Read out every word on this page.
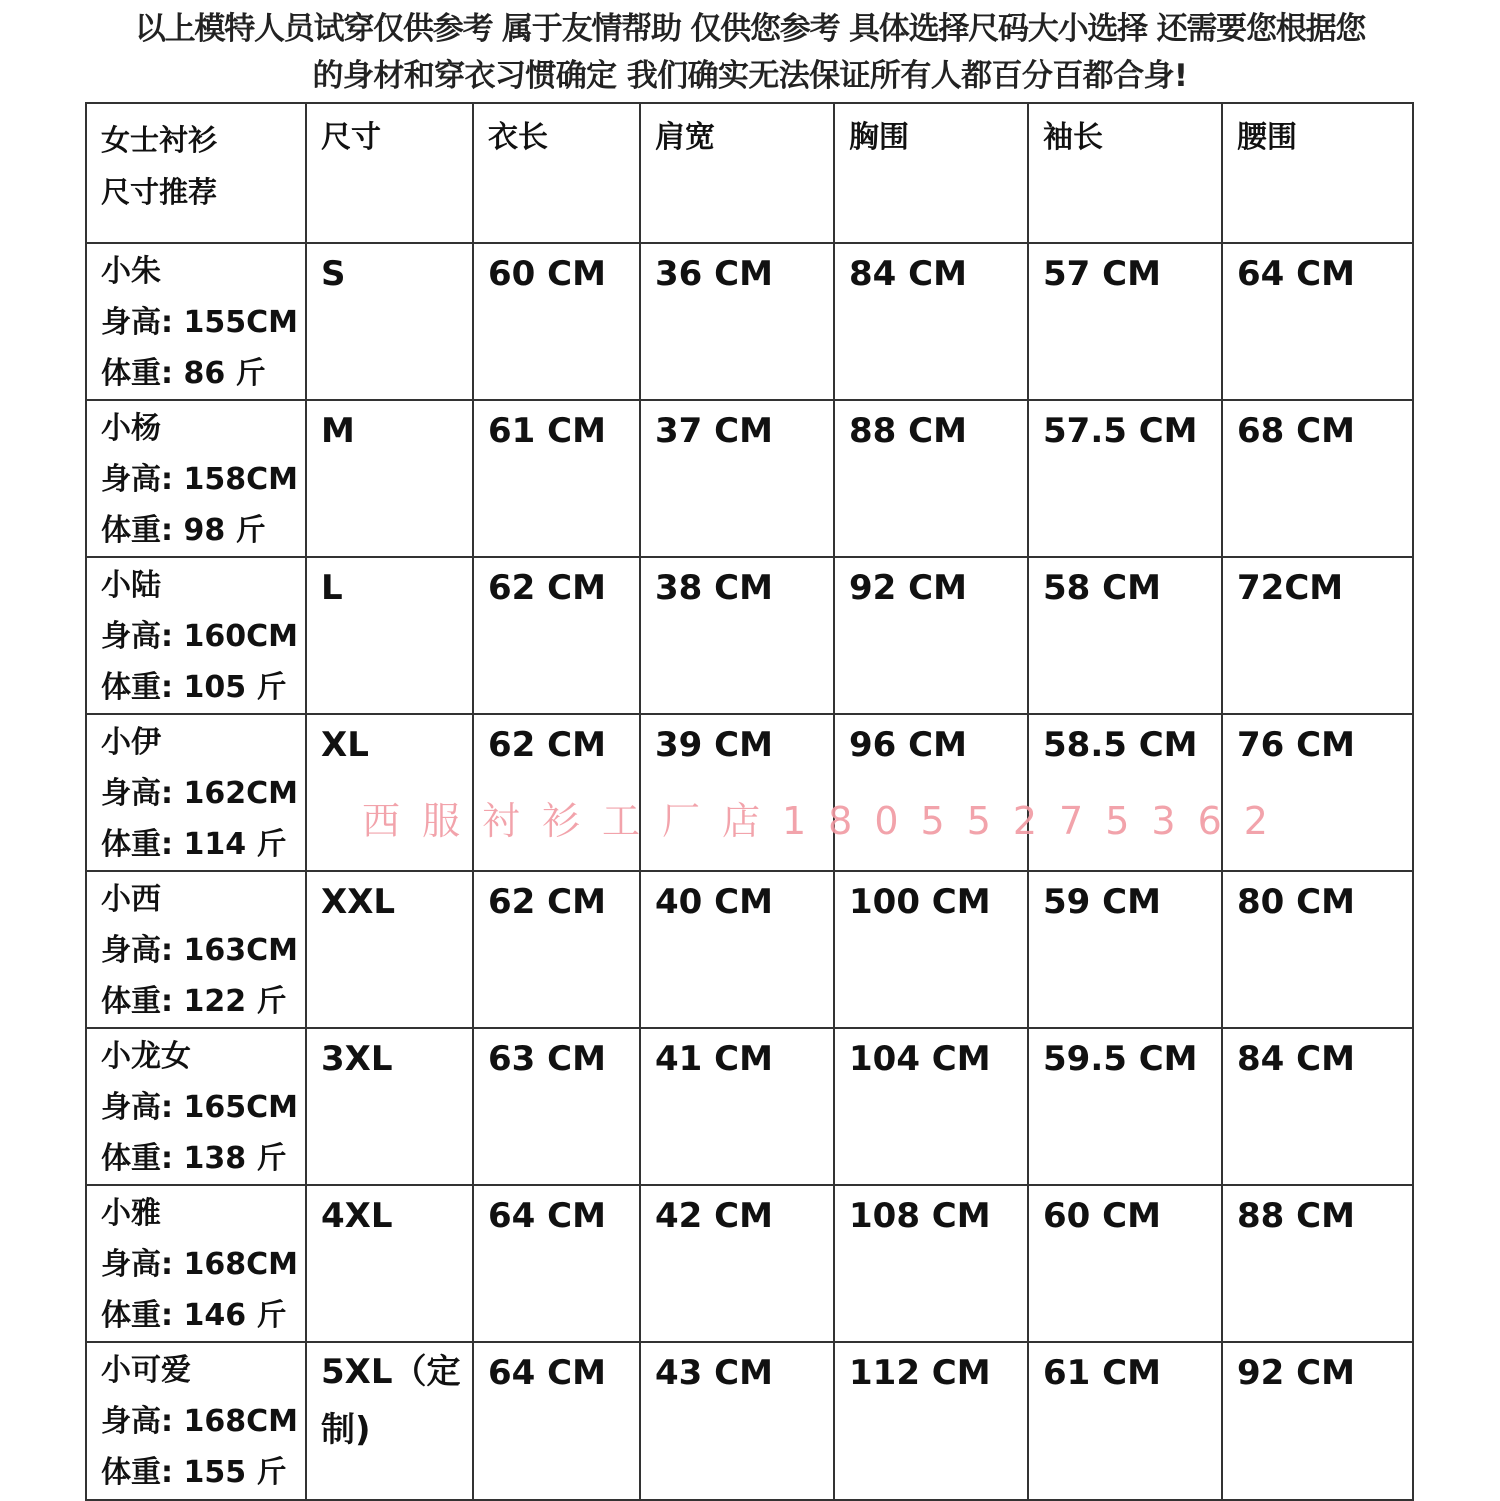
以上模特人员试穿仅供参考 属于友情帮助 仅供您参考 具体选择尺码大小选择 还需要您根据您
的身材和穿衣习惯确定 我们确实无法保证所有人都百分百都合身!
女士衬衫
尺寸推荐	尺寸	衣长	肩宽	胸围	袖长	腰围

小朱
身高: 155CM
体重: 86 斤	S	60 CM	36 CM	84 CM	57 CM	64 CM

小杨
身高: 158CM
体重: 98 斤	M	61 CM	37 CM	88 CM	57.5 CM	68 CM

小陆
身高: 160CM
体重: 105 斤	L	62 CM	38 CM	92 CM	58 CM	72CM

小伊
身高: 162CM
体重: 114 斤	XL	62 CM	39 CM	96 CM	58.5 CM	76 CM

小西
身高: 163CM
体重: 122 斤	XXL	62 CM	40 CM	100 CM	59 CM	80 CM

小龙女
身高: 165CM
体重: 138 斤	3XL	63 CM	41 CM	104 CM	59.5 CM	84 CM

小雅
身高: 168CM
体重: 146 斤	4XL	64 CM	42 CM	108 CM	60 CM	88 CM

小可爱
身高: 168CM
体重: 155 斤	5XL（定制)	64 CM	43 CM	112 CM	61 CM	92 CM
西服衬衫工厂店18055275362
